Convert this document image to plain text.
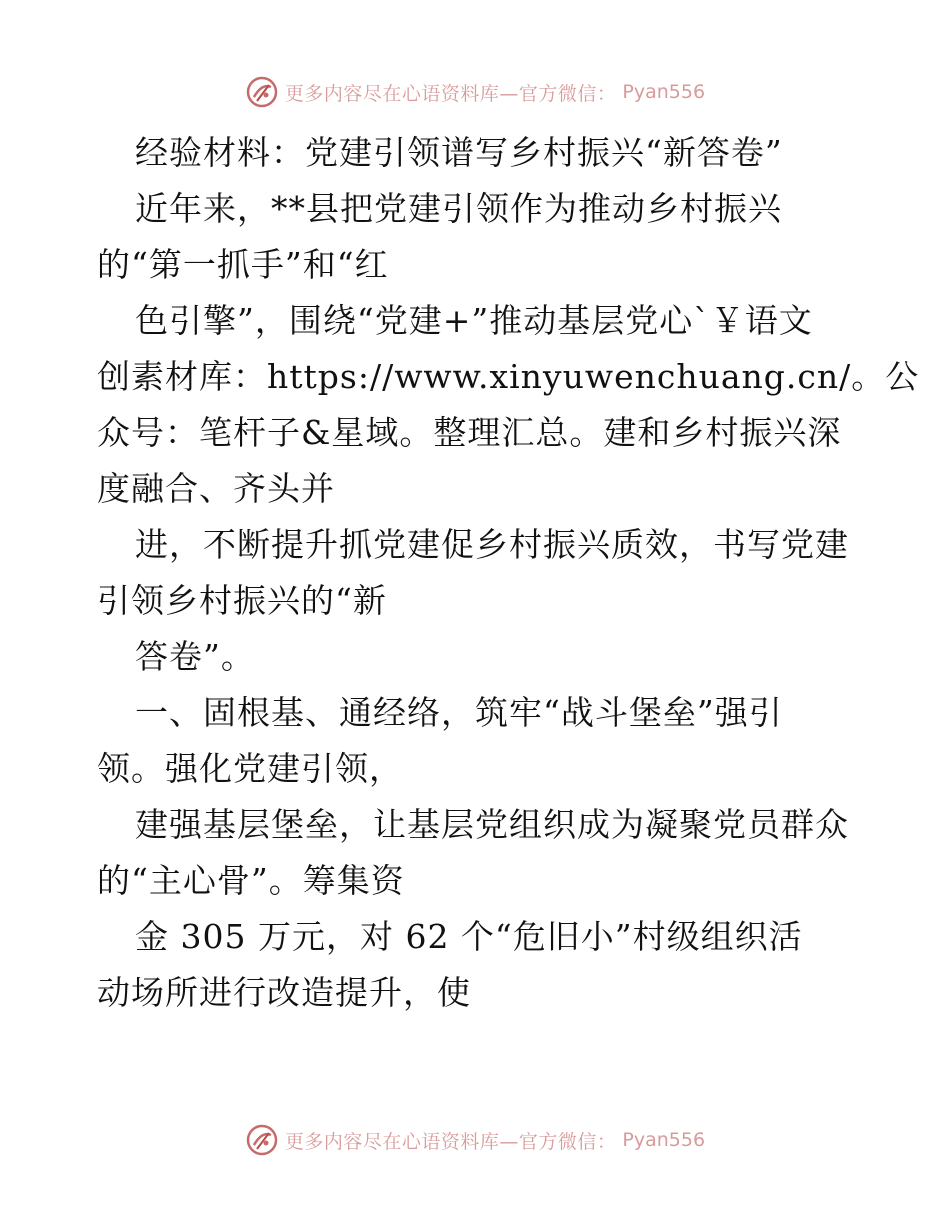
更多内容尽在心语资料库—官方微信： Pyan556
经验材料：党建引领谱写乡村振兴“新答卷”
近年来，**县把党建引领作为推动乡村振兴
的“第一抓手”和“红
色引擎”，围绕“党建+”推动基层党心`￥语文
创素材库：https://www.xinyuwenchuang.cn/。公
众号：笔杆子&星域。整理汇总。建和乡村振兴深
度融合、齐头并
进，不断提升抓党建促乡村振兴质效，书写党建
引领乡村振兴的“新
答卷”。
一、固根基、通经络，筑牢“战斗堡垒”强引
领。强化党建引领，
建强基层堡垒，让基层党组织成为凝聚党员群众
的“主心骨”。筹集资
金 305 万元，对 62 个“危旧小”村级组织活
动场所进行改造提升，使
更多内容尽在心语资料库—官方微信： Pyan556
